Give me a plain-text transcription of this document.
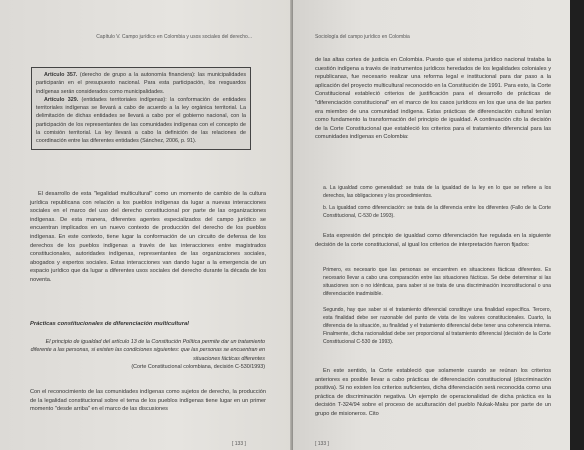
Capítulo V. Campo jurídico en Colombia y usos sociales del derecho...

Artículo 357. (derecho de grupo a la autonomía financiera): las municipalidades participarán en el presupuesto nacional. Para esta participación, los resguardos indígenas serán considerados como municipalidades.

Artículo 329. (entidades territoriales indígenas): la conformación de entidades territoriales indígenas se llevará a cabo de acuerdo a la ley orgánica territorial. La delimitación de dichas entidades se llevará a cabo por el gobierno nacional, con la participación de los representantes de las comunidades indígenas con el concepto de la comisión territorial. La ley llevará a cabo la definición de las relaciones de coordinación entre las diferentes entidades (Sánchez, 2006, p. 91).

El desarrollo de esta "legalidad multicultural" como un momento de cambio de la cultura jurídica republicana con relación a los pueblos indígenas da lugar a nuevas interacciones sociales en el marco del uso del derecho constitucional por parte de las organizaciones indígenas. De esta manera, diferentes agentes especializados del campo jurídico se encuentran implicados en un nuevo contexto de producción del derecho de los pueblos indígenas. En este contexto, tiene lugar la conformación de un circuito de defensa de los derechos de los pueblos indígenas a través de las interacciones entre magistrados constitucionales, autoridades indígenas, representantes de las organizaciones sociales, abogados y expertos sociales. Estas interacciones van dando lugar a la emergencia de un espacio jurídico que da lugar a diferentes usos sociales del derecho durante la década de los noventa.

Prácticas constitucionales de diferenciación multicultural
El principio de igualdad del artículo 13 de la Constitución Política permite dar un tratamiento diferente a las personas, si existen las condiciones siguientes: que las personas se encuentran en situaciones fácticas diferentes
(Corte Constitucional colombiana, decisión C-530/1993)

Con el reconocimiento de las comunidades indígenas como sujetos de derecho, la producción de la legalidad constitucional sobre el tema de los pueblos indígenas tiene lugar en un primer momento "desde arriba" en el marco de las discusiones

[ 133 ]
Sociología del campo jurídico en Colombia

de las altas cortes de justicia en Colombia. Puesto que el sistema jurídico nacional trataba la cuestión indígena a través de instrumentos jurídicos heredados de los legalidades coloniales y republicanas, fue necesario realizar una reforma legal e institucional para dar paso a la aplicación del proyecto multicultural reconocido en la Constitución de 1991. Para esto, la Corte Constitucional estableció criterios de justificación para el desarrollo de prácticas de "diferenciación constitucional" en el marco de los casos jurídicos en los que una de las partes era miembro de una comunidad indígena. Estas prácticas de diferenciación cultural tenían como fundamento la transformación del principio de igualdad. A continuación cito la decisión de la Corte Constitucional que estableció los criterios para el tratamiento diferencial para las comunidades indígenas en Colombia:

a. La igualdad como generalidad: se trata de la igualdad de la ley en lo que se refiere a los derechos, las obligaciones y los procedimientos.

b. La igualdad como diferenciación: se trata de la diferencia entre los diferentes (Fallo de la Corte Constitucional, C-530 de 1993).

Esta expresión del principio de igualdad como diferenciación fue regulada en la siguiente decisión de la corte constitucional, al igual los criterios de interpretación fueron fijados:

Primero, es necesario que las personas se encuentren en situaciones fácticas diferentes. Es necesario llevar a cabo una comparación entre las situaciones fácticas. Se debe determinar si las situaciones son o no idénticas, para saber si se trata de una discriminación inconstitucional o una diferenciación inadmisible.

Segundo, hay que saber si el tratamiento diferencial constituye una finalidad específica. Tercero, esta finalidad debe ser razonable del punto de vista de los valores constitucionales. Cuarto, la diferencia de la situación, su finalidad y el tratamiento diferencial debe tener una coherencia interna. Finalmente, dicha racionalidad debe ser proporcional al tratamiento diferencial (decisión de la Corte Constitucional C-530 de 1993).

En este sentido, la Corte estableció que solamente cuando se reúnan los criterios anteriores es posible llevar a cabo prácticas de diferenciación constitucional (discriminación positiva). Si no existen los criterios suficientes, dicha diferenciación será reconocida como una práctica de discriminación negativa. Un ejemplo de operacionalidad de dicha práctica es la decisión T-324/94 sobre el proceso de aculturación del pueblo Nukak-Maku por parte de un grupo de misioneros. Cito

[ 133 ]
